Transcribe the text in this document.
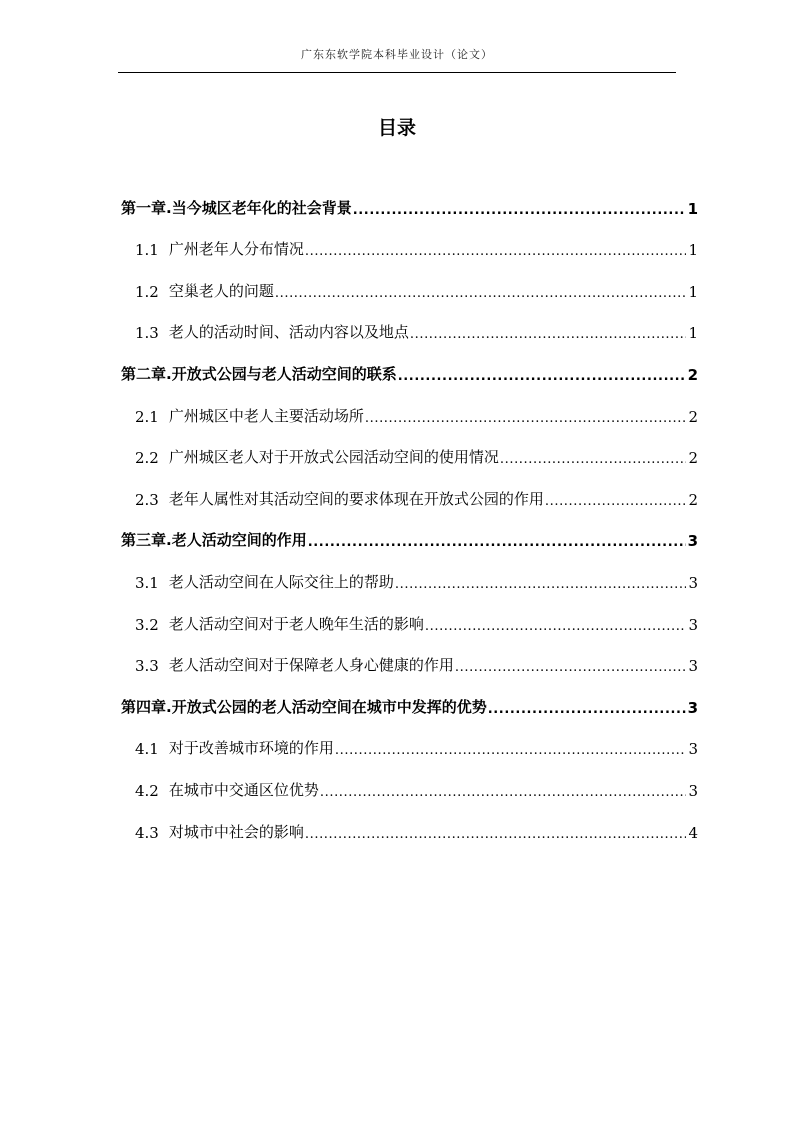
广东东软学院本科毕业设计（论文）
目录
第一章. 当今城区老年化的社会背景 .....	1
1.1 广州老年人分布情况 .....	1
1.2 空巢老人的问题 .....	1
1.3 老人的活动时间、活动内容以及地点 .....	1
第二章. 开放式公园与老人活动空间的联系 .....	2
2.1 广州城区中老人主要活动场所 .....	2
2.2 广州城区老人对于开放式公园活动空间的使用情况 .....	2
2.3 老年人属性对其活动空间的要求体现在开放式公园的作用 .....	2
第三章. 老人活动空间的作用 .....	3
3.1 老人活动空间在人际交往上的帮助 .....	3
3.2 老人活动空间对于老人晚年生活的影响 .....	3
3.3 老人活动空间对于保障老人身心健康的作用 .....	3
第四章. 开放式公园的老人活动空间在城市中发挥的优势 .....	3
4.1 对于改善城市环境的作用 .....	3
4.2 在城市中交通区位优势 .....	3
4.3 对城市中社会的影响 .....	4
